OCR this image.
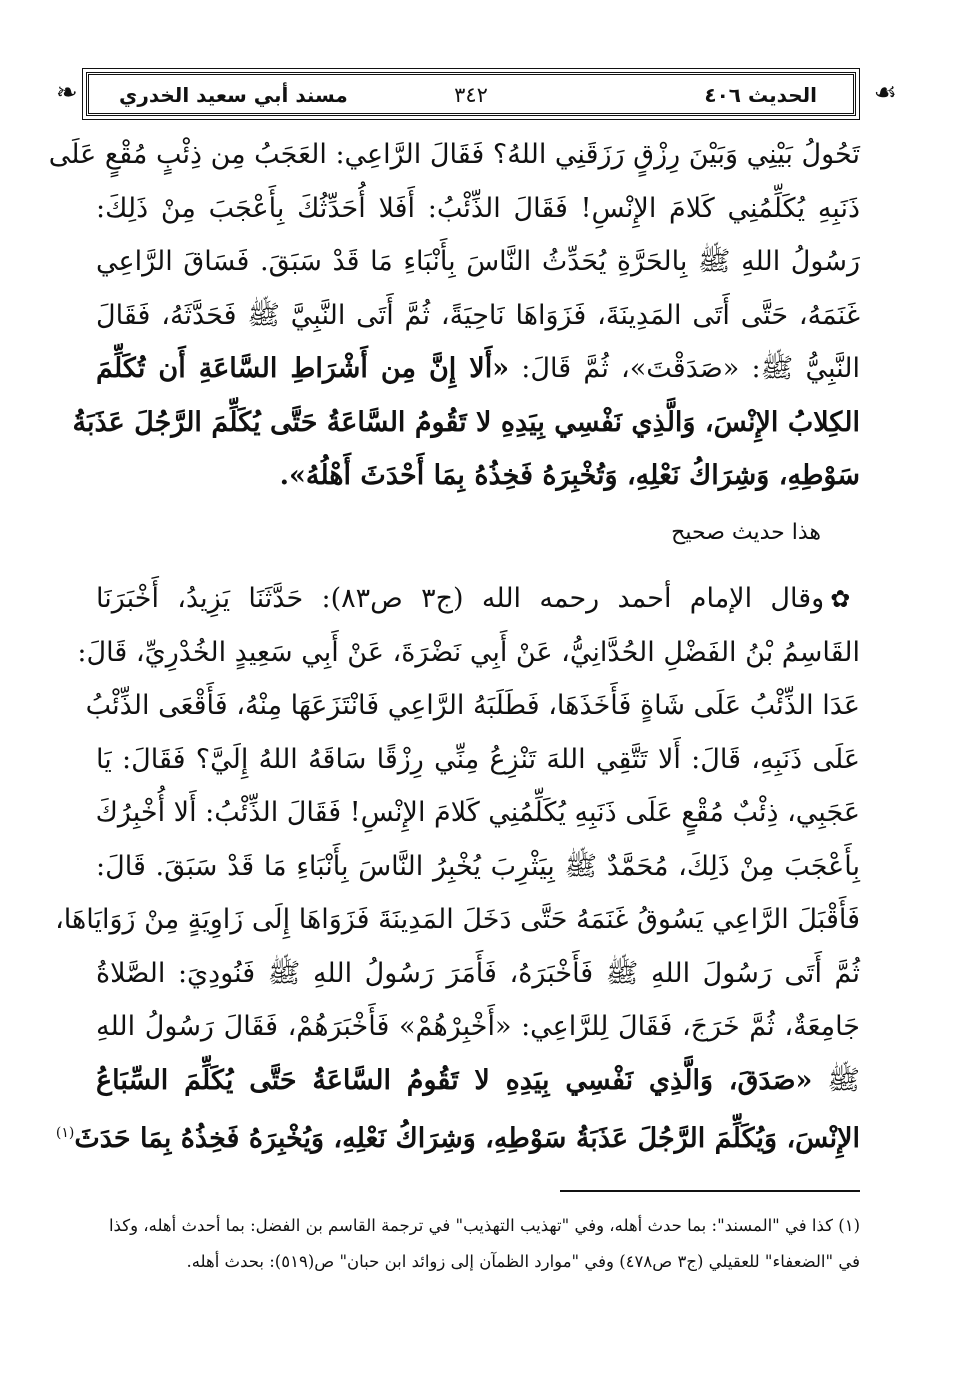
❧	☙
الحديث ٤٠٦
٣٤٢
مسند أبي سعيد الخدري
تَحُولُ بَيْنِي وَبَيْنَ رِزْقٍ رَزَقَنِي اللهُ؟ فَقَالَ الرَّاعِي: العَجَبُ مِن ذِئْبٍ مُقْعٍ عَلَى
ذَنَبِهِ يُكَلِّمُنِي كَلامَ الإِنْسِ! فَقَالَ الذِّئْبُ: أَفَلا أُحَدِّثُكَ بِأَعْجَبَ مِنْ ذَلِكَ:
رَسُولُ اللهِ ﷺ بِالحَرَّةِ يُحَدِّثُ النَّاسَ بِأَنْبَاءِ مَا قَدْ سَبَقَ. فَسَاقَ الرَّاعِي
غَنَمَهُ، حَتَّى أَتَى المَدِينَةَ، فَزَوَاهَا نَاحِيَةً، ثُمَّ أَتَى النَّبِيَّ ﷺ فَحَدَّثَهُ، فَقَالَ
النَّبِيُّ ﷺ: «صَدَقْتَ»، ثُمَّ قَالَ: «أَلا إِنَّ مِن أَشْرَاطِ السَّاعَةِ أَن تُكَلِّمَ
الكِلابُ الإِنْسَ، وَالَّذِي نَفْسِي بِيَدِهِ لا تَقُومُ السَّاعَةُ حَتَّى يُكَلِّمَ الرَّجُلَ عَذَبَةُ
سَوْطِهِ، وَشِرَاكُ نَعْلِهِ، وَتُخْبِرَهُ فَخِذُهُ بِمَا أَحْدَثَ أَهْلُهُ».
هذا حديث صحيح
✿وقال الإمام أحمد رحمه الله (ج٣ ص٨٣): حَدَّثَنَا يَزِيدُ، أَخْبَرَنَا
القَاسِمُ بْنُ الفَضْلِ الحُدَّانِيُّ، عَنْ أَبِي نَضْرَةَ، عَنْ أَبِي سَعِيدٍ الخُدْرِيِّ، قَالَ:
عَدَا الذِّئْبُ عَلَى شَاةٍ فَأَخَذَهَا، فَطَلَبَهُ الرَّاعِي فَانْتَزَعَهَا مِنْهُ، فَأَقْعَى الذِّئْبُ
عَلَى ذَنَبِهِ، قَالَ: أَلا تَتَّقِي اللهَ تَنْزِعُ مِنِّي رِزْقًا سَاقَهُ اللهُ إِلَيَّ؟ فَقَالَ: يَا
عَجَبِي، ذِئْبٌ مُقْعٍ عَلَى ذَنَبِهِ يُكَلِّمُنِي كَلامَ الإِنْسِ! فَقَالَ الذِّئْبُ: أَلا أُخْبِرُكَ
بِأَعْجَبَ مِنْ ذَلِكَ، مُحَمَّدٌ ﷺ بِيَثْرِبَ يُخْبِرُ النَّاسَ بِأَنْبَاءِ مَا قَدْ سَبَقَ. قَالَ:
فَأَقْبَلَ الرَّاعِي يَسُوقُ غَنَمَهُ حَتَّى دَخَلَ المَدِينَةَ فَزَوَاهَا إِلَى زَاوِيَةٍ مِنْ زَوَايَاهَا،
ثُمَّ أَتَى رَسُولَ اللهِ ﷺ فَأَخْبَرَهُ، فَأَمَرَ رَسُولُ اللهِ ﷺ فَنُودِيَ: الصَّلاةُ
جَامِعَةٌ، ثُمَّ خَرَجَ، فَقَالَ لِلرَّاعِي: «أَخْبِرْهُمْ» فَأَخْبَرَهُمْ، فَقَالَ رَسُولُ اللهِ
ﷺ «صَدَقَ، وَالَّذِي نَفْسِي بِيَدِهِ لا تَقُومُ السَّاعَةُ حَتَّى يُكَلِّمَ السِّبَاعُ
الإِنْسَ، وَيُكَلِّمَ الرَّجُلَ عَذَبَةُ سَوْطِهِ، وَشِرَاكُ نَعْلِهِ، وَيُخْبِرَهُ فَخِذُهُ بِمَا حَدَثَ$^{(١)}$
(١) كذا في "المسند": بما حدث أهله، وفي "تهذيب التهذيب" في ترجمة القاسم بن الفضل: بما أحدث أهله، وكذا
في "الضعفاء" للعقيلي (ج٣ ص٤٧٨) وفي "موارد الظمآن إلى زوائد ابن حبان" ص(٥١٩): بحدث أهله.
